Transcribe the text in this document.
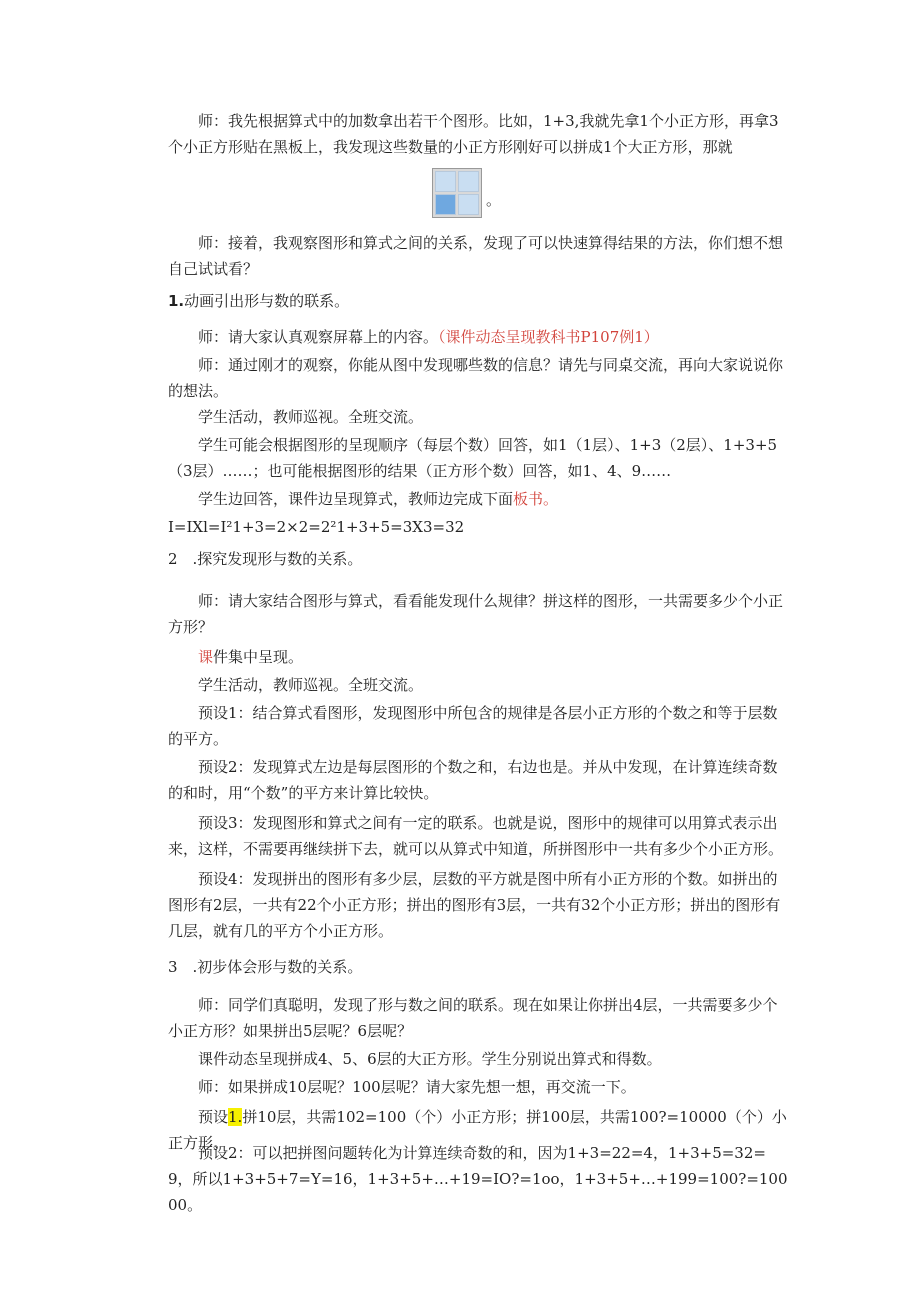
师：我先根据算式中的加数拿出若干个图形。比如，1+3,我就先拿1个小正方形，再拿3个小正方形贴在黑板上，我发现这些数量的小正方形刚好可以拼成1个大正方形，那就
。
师：接着，我观察图形和算式之间的关系，发现了可以快速算得结果的方法，你们想不想自己试试看？
1.动画引出形与数的联系。
师：请大家认真观察屏幕上的内容。（课件动态呈现教科书P107例1）
师：通过刚才的观察，你能从图中发现哪些数的信息？请先与同桌交流，再向大家说说你的想法。
学生活动，教师巡视。全班交流。
学生可能会根据图形的呈现顺序（每层个数）回答，如1（1层）、1+3（2层）、1+3+5（3层）……；也可能根据图形的结果（正方形个数）回答，如1、4、9……
学生边回答，课件边呈现算式，教师边完成下面板书。
I=IXl=I²1+3=2×2=2²1+3+5=3X3=32
2　.探究发现形与数的关系。
师：请大家结合图形与算式，看看能发现什么规律？拼这样的图形，一共需要多少个小正方形？
课件集中呈现。
学生活动，教师巡视。全班交流。
预设1：结合算式看图形，发现图形中所包含的规律是各层小正方形的个数之和等于层数的平方。
预设2：发现算式左边是每层图形的个数之和，右边也是。并从中发现，在计算连续奇数的和时，用“个数”的平方来计算比较快。
预设3：发现图形和算式之间有一定的联系。也就是说，图形中的规律可以用算式表示出来，这样，不需要再继续拼下去，就可以从算式中知道，所拼图形中一共有多少个小正方形。
预设4：发现拼出的图形有多少层，层数的平方就是图中所有小正方形的个数。如拼出的图形有2层，一共有22个小正方形；拼出的图形有3层，一共有32个小正方形；拼出的图形有几层，就有几的平方个小正方形。
3　.初步体会形与数的关系。
师：同学们真聪明，发现了形与数之间的联系。现在如果让你拼出4层，一共需要多少个小正方形？如果拼出5层呢？6层呢？
课件动态呈现拼成4、5、6层的大正方形。学生分别说出算式和得数。
师：如果拼成10层呢？100层呢？请大家先想一想，再交流一下。
预设1.拼10层，共需102=100（个）小正方形；拼100层，共需100?=10000（个）小正方形。
预设2：可以把拼图问题转化为计算连续奇数的和，因为1+3=22=4，1+3+5=32=9，所以1+3+5+7=Y=16，1+3+5+…+19=IO?=1oo，1+3+5+…+199=100?=10000。
